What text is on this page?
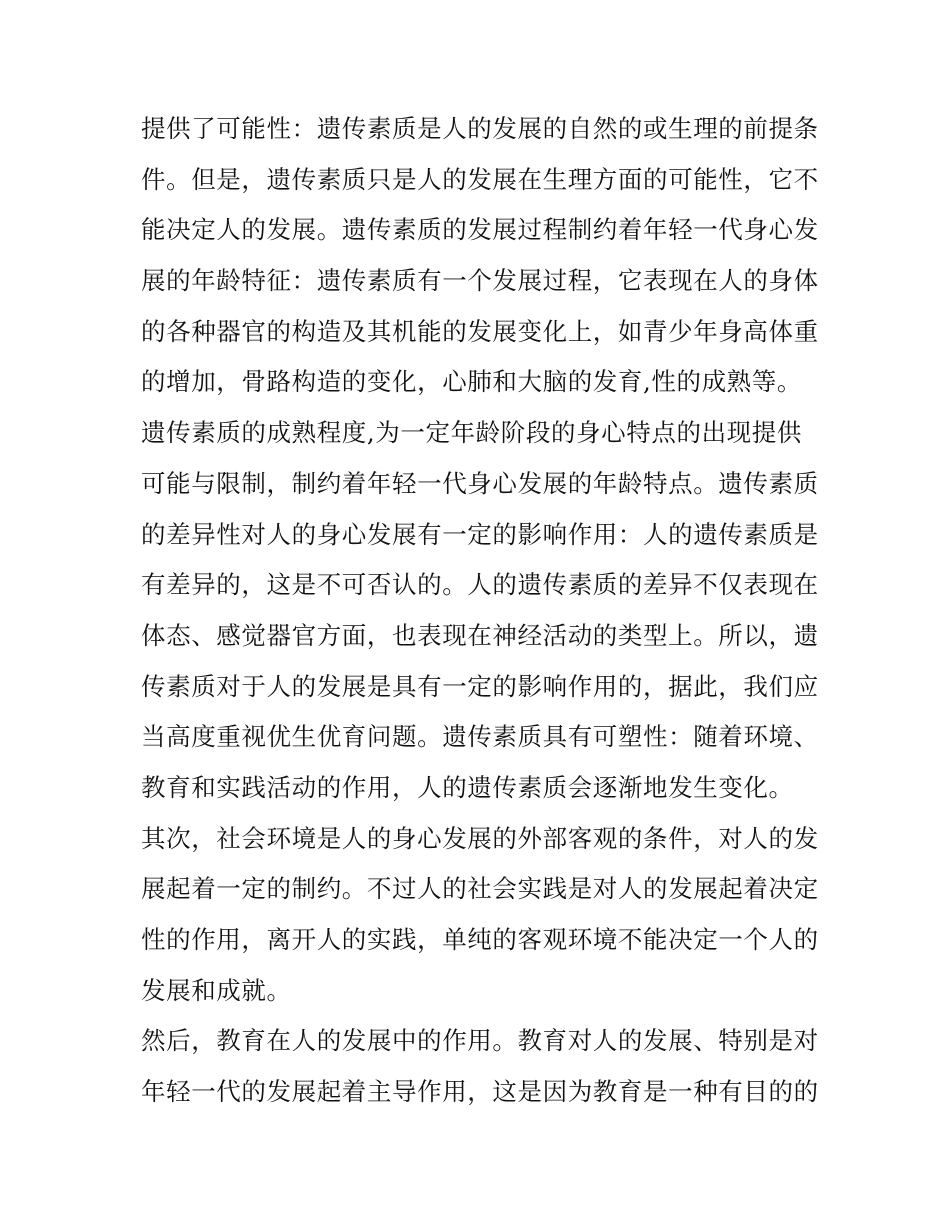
提供了可能性：遗传素质是人的发展的自然的或生理的前提条
件。但是，遗传素质只是人的发展在生理方面的可能性，它不
能决定人的发展。遗传素质的发展过程制约着年轻一代身心发
展的年龄特征：遗传素质有一个发展过程，它表现在人的身体
的各种器官的构造及其机能的发展变化上，如青少年身高体重
的增加，骨路构造的变化，心肺和大脑的发育,性的成熟等。
遗传素质的成熟程度,为一定年龄阶段的身心特点的出现提供
可能与限制，制约着年轻一代身心发展的年龄特点。遗传素质
的差异性对人的身心发展有一定的影响作用：人的遗传素质是
有差异的，这是不可否认的。人的遗传素质的差异不仅表现在
体态、感觉器官方面，也表现在神经活动的类型上。所以，遗
传素质对于人的发展是具有一定的影响作用的，据此，我们应
当高度重视优生优育问题。遗传素质具有可塑性：随着环境、
教育和实践活动的作用，人的遗传素质会逐渐地发生变化。
其次，社会环境是人的身心发展的外部客观的条件，对人的发
展起着一定的制约。不过人的社会实践是对人的发展起着决定
性的作用，离开人的实践，单纯的客观环境不能决定一个人的
发展和成就。
然后，教育在人的发展中的作用。教育对人的发展、特别是对
年轻一代的发展起着主导作用，这是因为教育是一种有目的的
